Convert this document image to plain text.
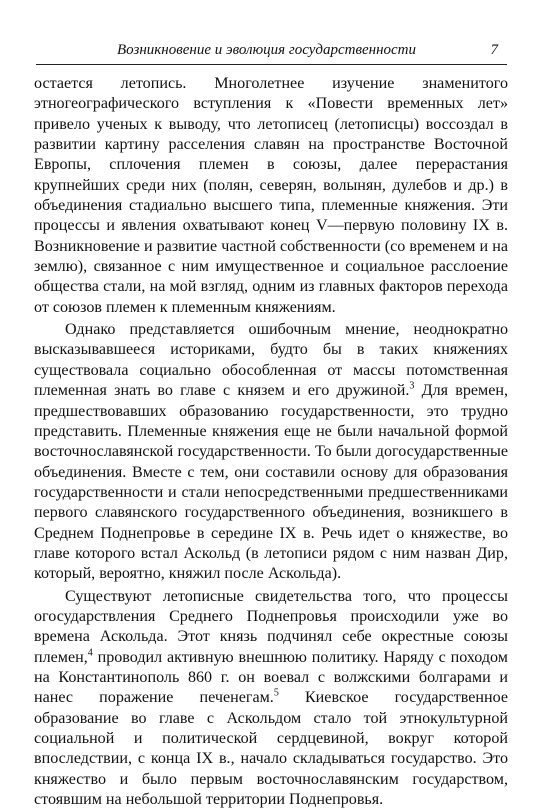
Возникновение и эволюция государственности	7

остается летопись. Многолетнее изучение знаменитого этногеографического вступления к «Повести временных лет» привело ученых к выводу, что летописец (летописцы) воссоздал в развитии картину расселения славян на пространстве Восточной Европы, сплочения племен в союзы, далее перерастания крупнейших среди них (полян, северян, волынян, дулебов и др.) в объединения стадиально высшего типа, племенные княжения. Эти процессы и явления охватывают конец V—первую половину IX в. Возникновение и развитие частной собственности (со временем и на землю), связанное с ним имущественное и социальное расслоение общества стали, на мой взгляд, одним из главных факторов перехода от союзов племен к племенным княжениям.

Однако представляется ошибочным мнение, неоднократно высказывавшееся историками, будто бы в таких княжениях существовала социально обособленная от массы потомственная племенная знать во главе с князем и его дружиной.$^3$ Для времен, предшествовавших образованию государственности, это трудно представить. Племенные княжения еще не были начальной формой восточнославянской государственности. То были догосударственные объединения. Вместе с тем, они составили основу для образования государственности и стали непосредственными предшественниками первого славянского государственного объединения, возникшего в Среднем Поднепровье в середине IX в. Речь идет о княжестве, во главе которого встал Аскольд (в летописи рядом с ним назван Дир, который, вероятно, княжил после Аскольда).

Существуют летописные свидетельства того, что процессы огосударствления Среднего Поднепровья происходили уже во времена Аскольда. Этот князь подчинял себе окрестные союзы племен,$^4$ проводил активную внешнюю политику. Наряду с походом на Константинополь 860 г. он воевал с волжскими болгарами и нанес поражение печенегам.$^5$ Киевское государственное образование во главе с Аскольдом стало той этнокультурной социальной и политической сердцевиной, вокруг которой впоследствии, с конца IX в., начало складываться государство. Это княжество и было первым восточнославянским государством, стоявшим на небольшой территории Поднепровья.
